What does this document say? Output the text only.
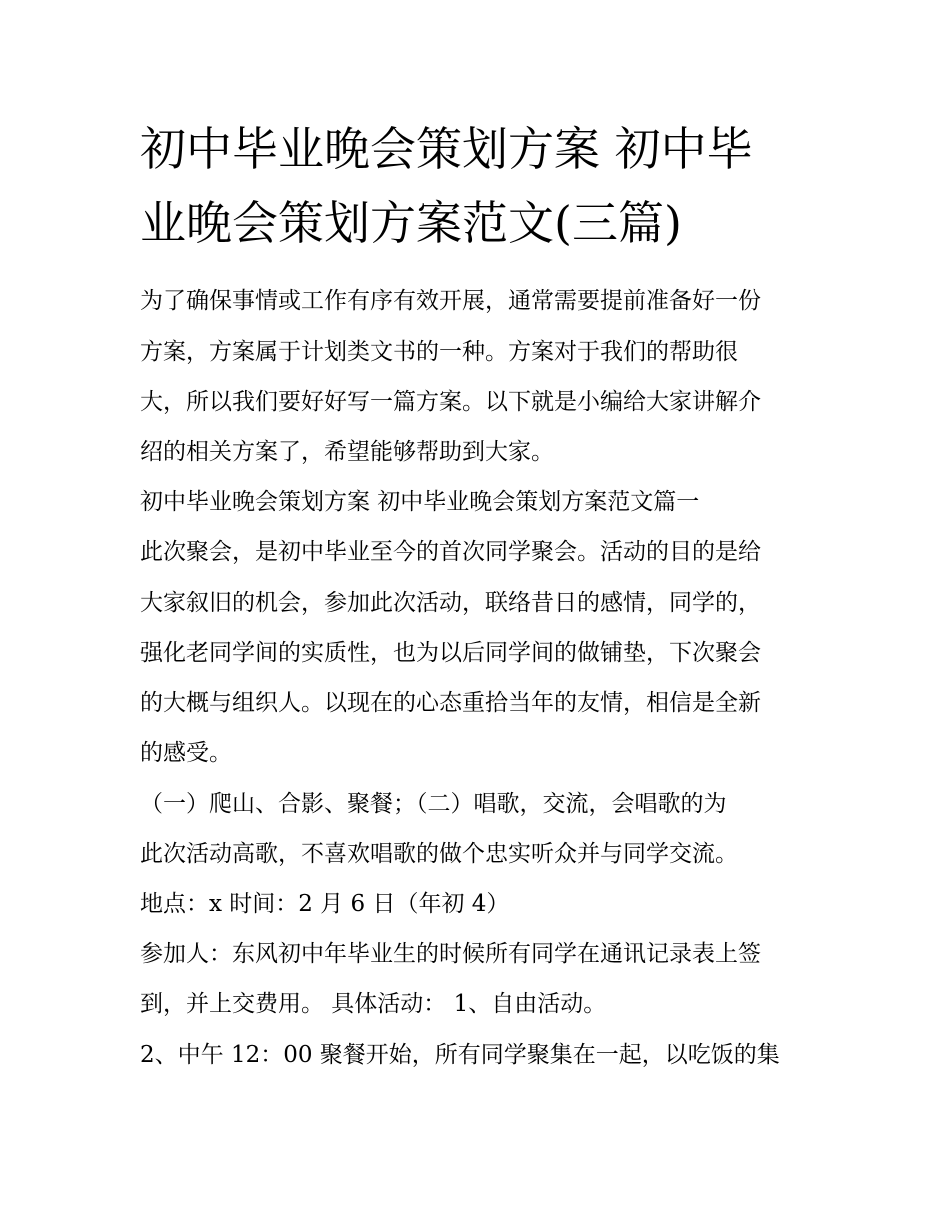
初中毕业晚会策划方案 初中毕
业晚会策划方案范文(三篇)

为了确保事情或工作有序有效开展，通常需要提前准备好一份

方案，方案属于计划类文书的一种。方案对于我们的帮助很

大，所以我们要好好写一篇方案。以下就是小编给大家讲解介

绍的相关方案了，希望能够帮助到大家。

初中毕业晚会策划方案 初中毕业晚会策划方案范文篇一

此次聚会，是初中毕业至今的首次同学聚会。活动的目的是给

大家叙旧的机会，参加此次活动，联络昔日的感情，同学的，

强化老同学间的实质性，也为以后同学间的做铺垫，下次聚会

的大概与组织人。以现在的心态重拾当年的友情，相信是全新

的感受。

（一）爬山、合影、聚餐；（二）唱歌，交流，会唱歌的为

此次活动高歌，不喜欢唱歌的做个忠实听众并与同学交流。

地点：x 时间：2 月 6 日（年初 4）

参加人：东风初中年毕业生的时候所有同学在通讯记录表上签

到，并上交费用。 具体活动： 1、自由活动。

2、中午 12：00 聚餐开始，所有同学聚集在一起，以吃饭的集
